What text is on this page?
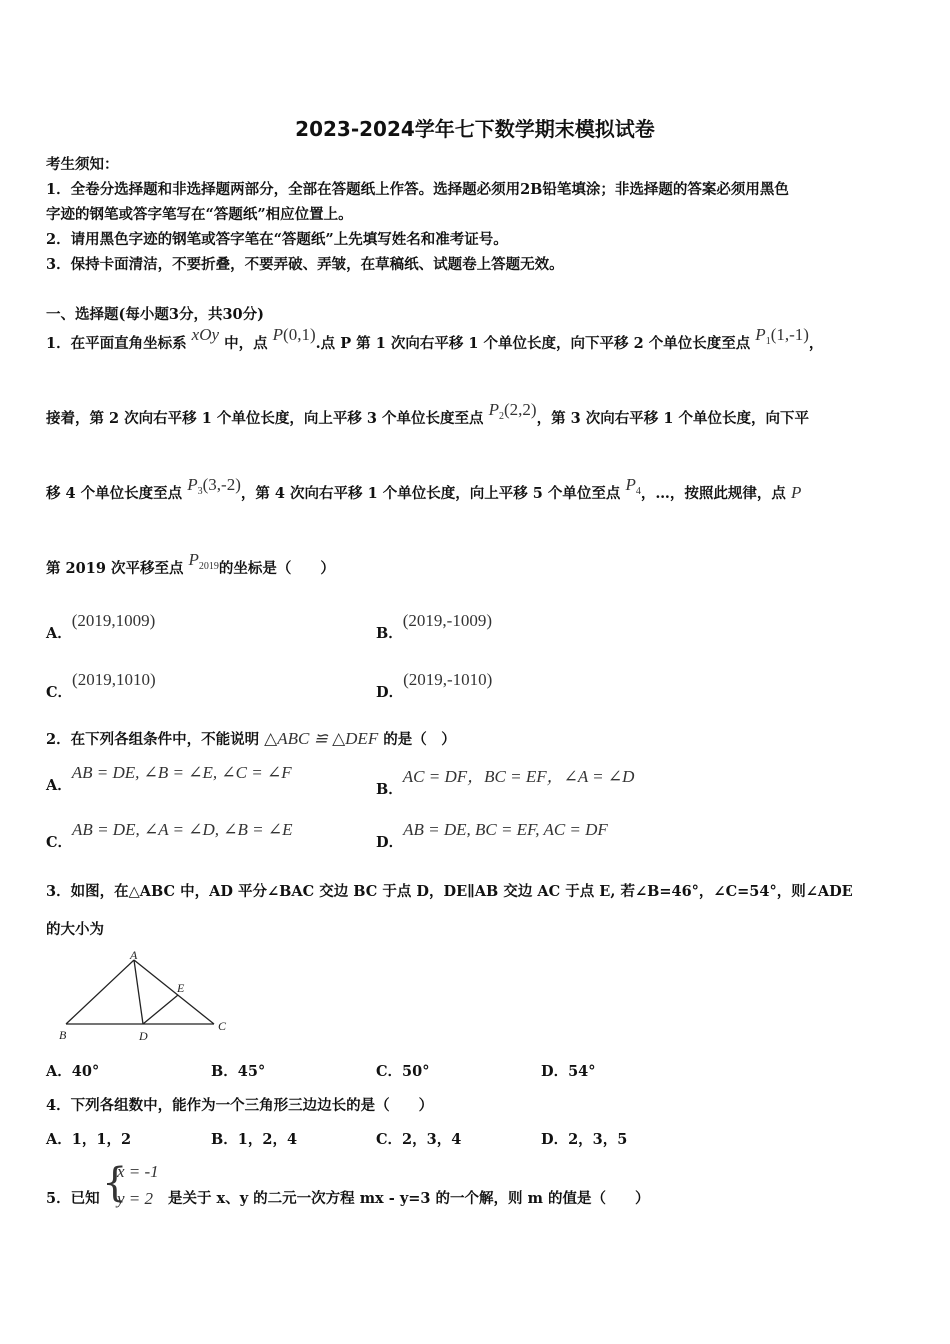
2023-2024学年七下数学期末模拟试卷
考生须知：
1．全卷分选择题和非选择题两部分，全部在答题纸上作答。选择题必须用2B铅笔填涂；非选择题的答案必须用黑色
字迹的钢笔或答字笔写在“答题纸”相应位置上。
2．请用黑色字迹的钢笔或答字笔在“答题纸”上先填写姓名和准考证号。
3．保持卡面清洁，不要折叠，不要弄破、弄皱，在草稿纸、试题卷上答题无效。
一、选择题(每小题3分，共30分)
1．在平面直角坐标系 xOy 中，点 P(0,1).点 P 第 1 次向右平移 1 个单位长度，向下平移 2 个单位长度至点 $P_1(1,-1)$，
接着，第 2 次向右平移 1 个单位长度，向上平移 3 个单位长度至点 $P_2(2,2)$，第 3 次向右平移 1 个单位长度，向下平
移 4 个单位长度至点 $P_3(3,-2)$，第 4 次向右平移 1 个单位长度，向上平移 5 个单位至点 $P_4$，…，按照此规律，点 P
第 2019 次平移至点 $P_{2019}$的坐标是（　　）
A．(2019,1009)
B．(2019,-1009)
C．(2019,1010)
D．(2019,-1010)
2．在下列各组条件中，不能说明 △ABC ≌ △DEF 的是（　）
A．AB = DE, ∠B = ∠E, ∠C = ∠F
B．AC = DF，BC = EF，∠A = ∠D
C．AB = DE, ∠A = ∠D, ∠B = ∠E
D．AB = DE, BC = EF, AC = DF
3．如图，在△ABC 中，AD 平分∠BAC 交边 BC 于点 D，DE∥AB 交边 AC 于点 E, 若∠B=46°，∠C=54°，则∠ADE
的大小为
A
B
C
D
E
A．40°	B．45°	C．50°	D．54°
4．下列各组数中，能作为一个三角形三边边长的是（　　）
A．1，1，2	B．1，2，4	C．2，3，4	D．2，3，5
5．已知 {
x = -1
y = 2 是关于 x、y 的二元一次方程 mx - y=3 的一个解，则 m 的值是（　　）
